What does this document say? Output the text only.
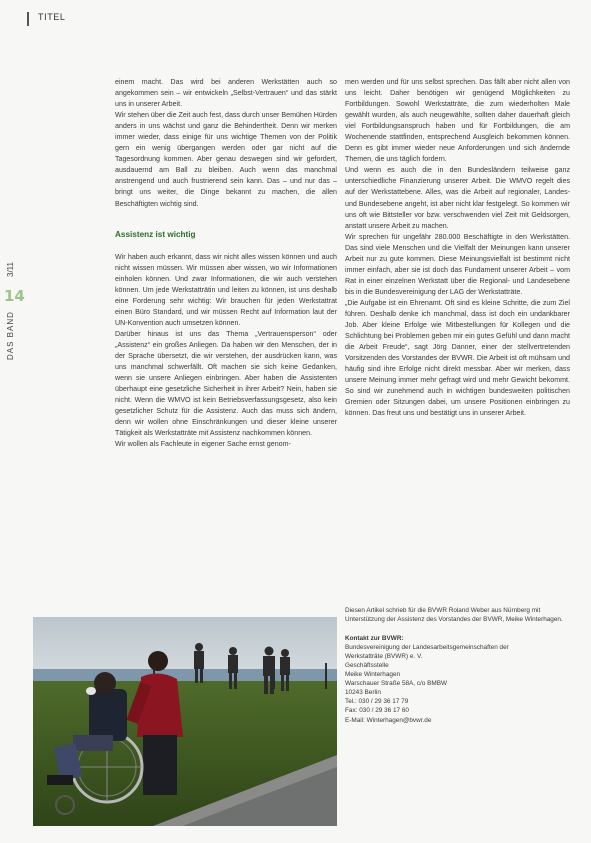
TITEL
3/11
14
DAS BAND

einem macht. Das wird bei anderen Werkstätten auch so angekommen sein – wir entwickeln „Selbst-Vertrauen“ und das stärkt uns in unserer Arbeit.

Wir stehen über die Zeit auch fest, dass durch unser Bemühen Hürden anders in uns wächst und ganz die Behindertheit. Denn wir merken immer wieder, dass einige für uns wichtige Themen von der Politik gern ein wenig übergangen werden oder gar nicht auf die Tagesordnung kommen. Aber genau deswegen sind wir gefordert, ausdauernd am Ball zu bleiben. Auch wenn das manchmal anstrengend und auch frustrierend sein kann. Das – und nur das – bringt uns weiter, die Dinge bekannt zu machen, die allen Beschäftigten wichtig sind.

Assistenz ist wichtig

Wir haben auch erkannt, dass wir nicht alles wissen können und auch nicht wissen müssen. Wir müssen aber wissen, wo wir Informationen einholen können. Und zwar Informationen, die wir auch verstehen können. Um jede Werkstatträtin und leiten zu können, ist uns deshalb eine Forderung sehr wichtig: Wir brauchen für jeden Werkstattrat einen Büro Standard, und wir müssen Recht auf Information laut der UN-Konvention auch umsetzen können.

Darüber hinaus ist uns das Thema „Vertrauensperson“ oder „Assistenz“ ein großes Anliegen. Da haben wir den Menschen, der in der Sprache übersetzt, die wir verstehen, der ausdrücken kann, was uns manchmal schwerfällt. Oft machen sie sich keine Gedanken, wenn sie unsere Anliegen einbringen. Aber haben die Assistenten überhaupt eine gesetzliche Sicherheit in ihrer Arbeit? Nein, haben sie nicht. Wenn die WMVO ist kein Betriebsverfassungsgesetz, also kein gesetzlicher Schutz für die Assistenz. Auch das muss sich ändern, denn wir wollen ohne Einschränkungen und dieser kleine unserer Tätigkeit als Werkstatträte mit Assistenz nachkommen können.

Wir wollen als Fachleute in eigener Sache ernst genom-

men werden und für uns selbst sprechen. Das fällt aber nicht allen von uns leicht. Daher benötigen wir genügend Möglichkeiten zu Fortbildungen. Sowohl Werkstatträte, die zum wiederholten Male gewählt wurden, als auch neugewählte, sollten daher dauerhaft gleich viel Fortbildungsanspruch haben und für Fortbildungen, die am Wochenende stattfinden, entsprechend Ausgleich bekommen können. Denn es gibt immer wieder neue Anforderungen und sich ändernde Themen, die uns täglich fordern.

Und wenn es auch die in den Bundesländern teilweise ganz unterschiedliche Finanzierung unserer Arbeit. Die WMVO regelt dies auf der Werkstattebene. Alles, was die Arbeit auf regionaler, Landes- und Bundesebene angeht, ist aber nicht klar festgelegt. So kommen wir uns oft wie Bittsteller vor bzw. verschwenden viel Zeit mit Geldsorgen, anstatt unsere Arbeit zu machen.

Wir sprechen für ungefähr 280.000 Beschäftigte in den Werkstätten. Das sind viele Menschen und die Vielfalt der Meinungen kann unserer Arbeit nur zu gute kommen. Diese Meinungsvielfalt ist bestimmt nicht immer einfach, aber sie ist doch das Fundament unserer Arbeit – vom Rat in einer einzelnen Werkstatt über die Regional- und Landesebene bis in die Bundesvereinigung der LAG der Werkstatträte.

„Die Aufgabe ist ein Ehrenamt. Oft sind es kleine Schritte, die zum Ziel führen. Deshalb denke ich manchmal, dass ist doch ein undankbarer Job. Aber kleine Erfolge wie Mitbestellungen für Kollegen und die Schlichtung bei Problemen geben mir ein gutes Gefühl und dann macht die Arbeit Freude“, sagt Jörg Danner, einer der stellvertretenden Vorsitzenden des Vorstandes der BVWR. Die Arbeit ist oft mühsam und häufig sind ihre Erfolge nicht direkt messbar. Aber wir merken, dass unsere Meinung immer mehr gefragt wird und mehr Gewicht bekommt. So sind wir zunehmend auch in wichtigen bundesweiten politischen Gremien oder Sitzungen dabei, um unsere Positionen einbringen zu können. Das freut uns und bestätigt uns in unserer Arbeit.

Diesen Artikel schrieb für die BVWR Roland Weber aus Nürnberg mit Unterstützung der Assistenz des Vorstandes der BVWR, Meike Winterhagen.

Kontakt zur BVWR:

Bundesvereinigung der Landesarbeitsgemeinschaften der

Werkstatträte (BVWR) e. V.

Geschäftsstelle

Meike Winterhagen

Warschauer Straße 58A, c/o BMBW

10243 Berlin

Tel.: 030 / 29 36 17 79

Fax: 030 / 29 36 17 60

E-Mail: Winterhagen@bvwr.de
